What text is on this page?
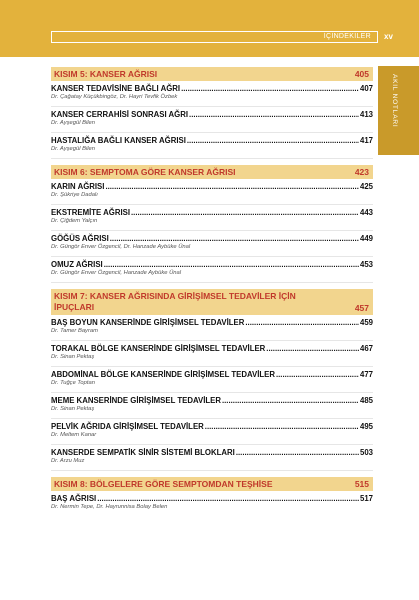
İÇİNDEKİLER xv
AKIL NOTLARI
KISIM 5: KANSER AĞRISI	405
KANSER TEDAVİSİNE BAĞLI AĞRI .....	407
Dr. Çağatay Küçükbingöz, Dr. Hayri Tevfik Özbek
KANSER CERRAHİSİ SONRASI AĞRI .....	413
Dr. Ayşegül Bilen
HASTALIĞA BAĞLI KANSER AĞRISI .....	417
Dr. Ayşegül Bilen
KISIM 6: SEMPTOMA GÖRE KANSER AĞRISI	423
KARIN AĞRISI .....	425
Dr. Şükriye Dadalı
EKSTREMİTE AĞRISI .....	443
Dr. Çiğdem Yalçın
GÖĞÜS AĞRISI .....	449
Dr. Güngör Enver Özgencil, Dr. Hanzade Aybüke Ünal
OMUZ AĞRISI .....	453
Dr. Güngör Enver Özgencil, Hanzade Aybüke Ünal
KISIM 7: KANSER AĞRISINDA GİRİŞİMSEL TEDAVİLER İÇİN
İPUÇLARI	457
BAŞ BOYUN KANSERİNDE GİRİŞİMSEL TEDAVİLER .....	459
Dr. Tamer Bayram
TORAKAL BÖLGE KANSERİNDE GİRİŞİMSEL TEDAVİLER .....	467
Dr. Sinan Pektaş
ABDOMİNAL BÖLGE KANSERİNDE GİRİŞİMSEL TEDAVİLER .....	477
Dr. Tuğçe Toptan
MEME KANSERİNDE GİRİŞİMSEL TEDAVİLER .....	485
Dr. Sinan Pektaş
PELVİK AĞRIDA GİRİŞİMSEL TEDAVİLER .....	495
Dr. Meltem Kanar
KANSERDE SEMPATİK SİNİR SİSTEMİ BLOKLARI .....	503
Dr. Arzu Muz
KISIM 8: BÖLGELERE GÖRE SEMPTOMDAN TEŞHİSE	515
BAŞ AĞRISI .....	517
Dr. Nermin Tepe, Dr. Hayrunnisa Bolay Belen
